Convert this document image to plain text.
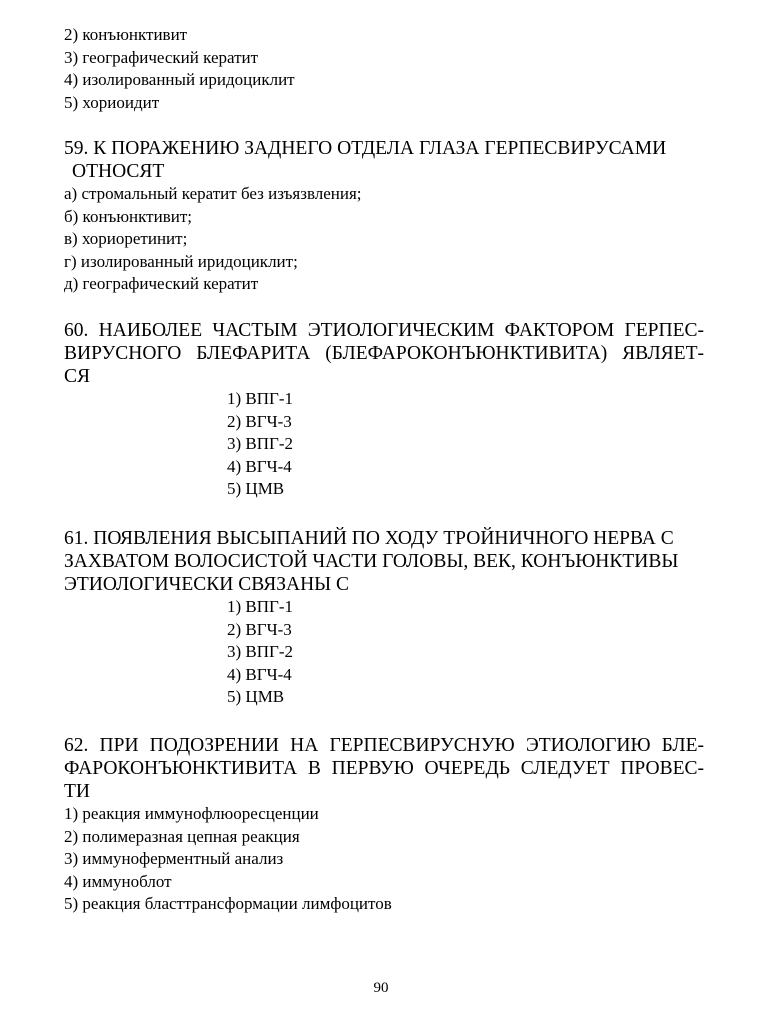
2) конъюнктивит
3) географический кератит
4) изолированный иридоциклит
5) хориоидит
59. К ПОРАЖЕНИЮ ЗАДНЕГО ОТДЕЛА ГЛАЗА ГЕРПЕСВИРУСАМИ
ОТНОСЯТ
а) стромальный кератит без изъязвления;
б) конъюнктивит;
в) хориоретинит;
г) изолированный иридоциклит;
д) географический кератит
60. НАИБОЛЕЕ ЧАСТЫМ ЭТИОЛОГИЧЕСКИМ ФАКТОРОМ ГЕРПЕС-
ВИРУСНОГО БЛЕФАРИТА (БЛЕФАРОКОНЪЮНКТИВИТА) ЯВЛЯЕТ-
СЯ
1) ВПГ-1
2) ВГЧ-3
3) ВПГ-2
4) ВГЧ-4
5) ЦМВ
61. ПОЯВЛЕНИЯ ВЫСЫПАНИЙ ПО ХОДУ ТРОЙНИЧНОГО НЕРВА С
ЗАХВАТОМ ВОЛОСИСТОЙ ЧАСТИ ГОЛОВЫ, ВЕК, КОНЪЮНКТИВЫ
ЭТИОЛОГИЧЕСКИ СВЯЗАНЫ С
1) ВПГ-1
2) ВГЧ-3
3) ВПГ-2
4) ВГЧ-4
5) ЦМВ
62. ПРИ ПОДОЗРЕНИИ НА ГЕРПЕСВИРУСНУЮ ЭТИОЛОГИЮ БЛЕ-
ФАРОКОНЪЮНКТИВИТА В ПЕРВУЮ ОЧЕРЕДЬ СЛЕДУЕТ ПРОВЕС-
ТИ
1) реакция иммунофлюоресценции
2) полимеразная цепная реакция
3) иммуноферментный анализ
4) иммуноблот
5) реакция бласттрансформации лимфоцитов
90
